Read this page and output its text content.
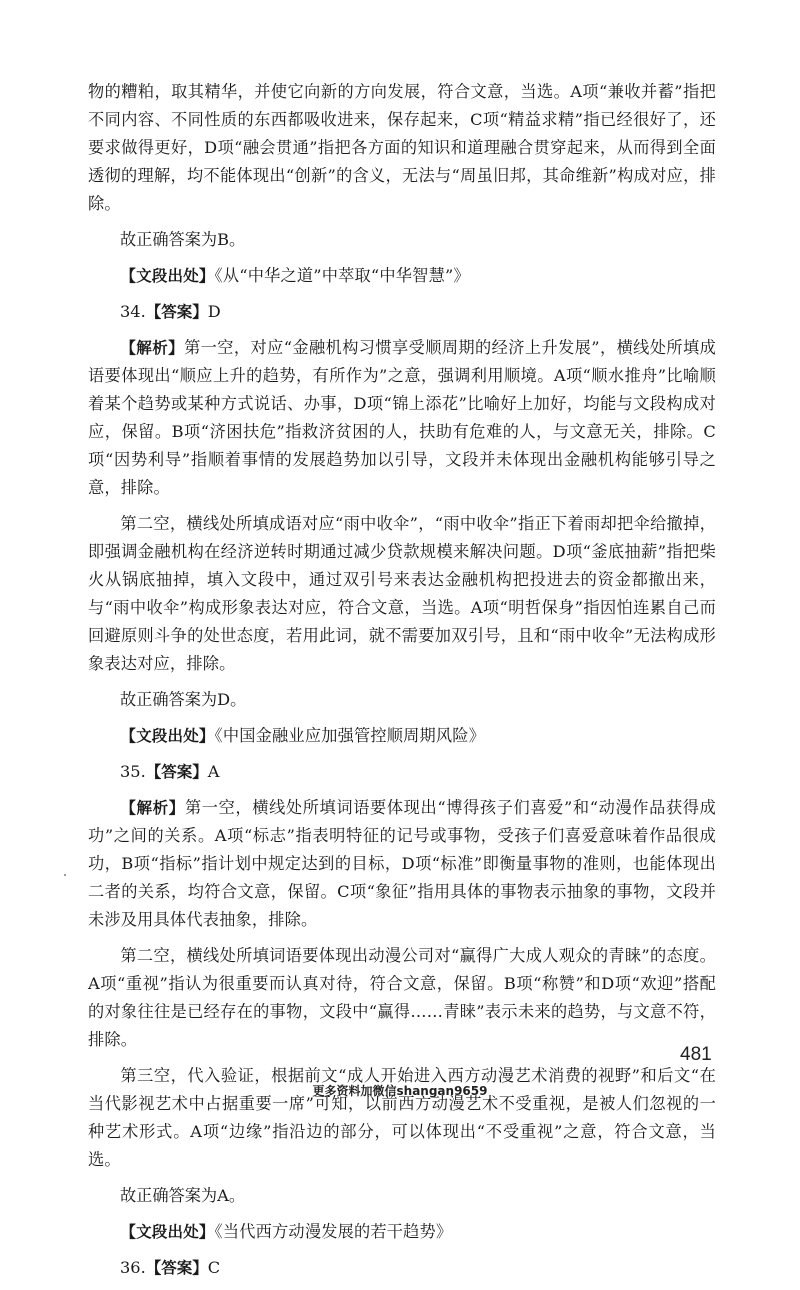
物的糟粕，取其精华，并使它向新的方向发展，符合文意，当选。A项“兼收并蓄”指把不同内容、不同性质的东西都吸收进来，保存起来，C项“精益求精”指已经很好了，还要求做得更好，D项“融会贯通”指把各方面的知识和道理融合贯穿起来，从而得到全面透彻的理解，均不能体现出“创新”的含义，无法与“周虽旧邦，其命维新”构成对应，排除。

故正确答案为B。

【文段出处】《从“中华之道”中萃取“中华智慧”》

34.【答案】D

【解析】第一空，对应“金融机构习惯享受顺周期的经济上升发展”，横线处所填成语要体现出“顺应上升的趋势，有所作为”之意，强调利用顺境。A项“顺水推舟”比喻顺着某个趋势或某种方式说话、办事，D项“锦上添花”比喻好上加好，均能与文段构成对应，保留。B项“济困扶危”指救济贫困的人，扶助有危难的人，与文意无关，排除。C项“因势利导”指顺着事情的发展趋势加以引导，文段并未体现出金融机构能够引导之意，排除。

第二空，横线处所填成语对应“雨中收伞”，“雨中收伞”指正下着雨却把伞给撤掉，即强调金融机构在经济逆转时期通过减少贷款规模来解决问题。D项“釜底抽薪”指把柴火从锅底抽掉，填入文段中，通过双引号来表达金融机构把投进去的资金都撤出来，与“雨中收伞”构成形象表达对应，符合文意，当选。A项“明哲保身”指因怕连累自己而回避原则斗争的处世态度，若用此词，就不需要加双引号，且和“雨中收伞”无法构成形象表达对应，排除。

故正确答案为D。

【文段出处】《中国金融业应加强管控顺周期风险》

35.【答案】A

【解析】第一空，横线处所填词语要体现出“博得孩子们喜爱”和“动漫作品获得成功”之间的关系。A项“标志”指表明特征的记号或事物，受孩子们喜爱意味着作品很成功，B项“指标”指计划中规定达到的目标，D项“标准”即衡量事物的准则，也能体现出二者的关系，均符合文意，保留。C项“象征”指用具体的事物表示抽象的事物，文段并未涉及用具体代表抽象，排除。

第二空，横线处所填词语要体现出动漫公司对“赢得广大成人观众的青睐”的态度。A项“重视”指认为很重要而认真对待，符合文意，保留。B项“称赞”和D项“欢迎”搭配的对象往往是已经存在的事物，文段中“赢得……青睐”表示未来的趋势，与文意不符，排除。

第三空，代入验证，根据前文“成人开始进入西方动漫艺术消费的视野”和后文“在当代影视艺术中占据重要一席”可知，以前西方动漫艺术不受重视，是被人们忽视的一种艺术形式。A项“边缘”指沿边的部分，可以体现出“不受重视”之意，符合文意，当选。

故正确答案为A。

【文段出处】《当代西方动漫发展的若干趋势》

36.【答案】C

481
更多资料加微信shangan9659
